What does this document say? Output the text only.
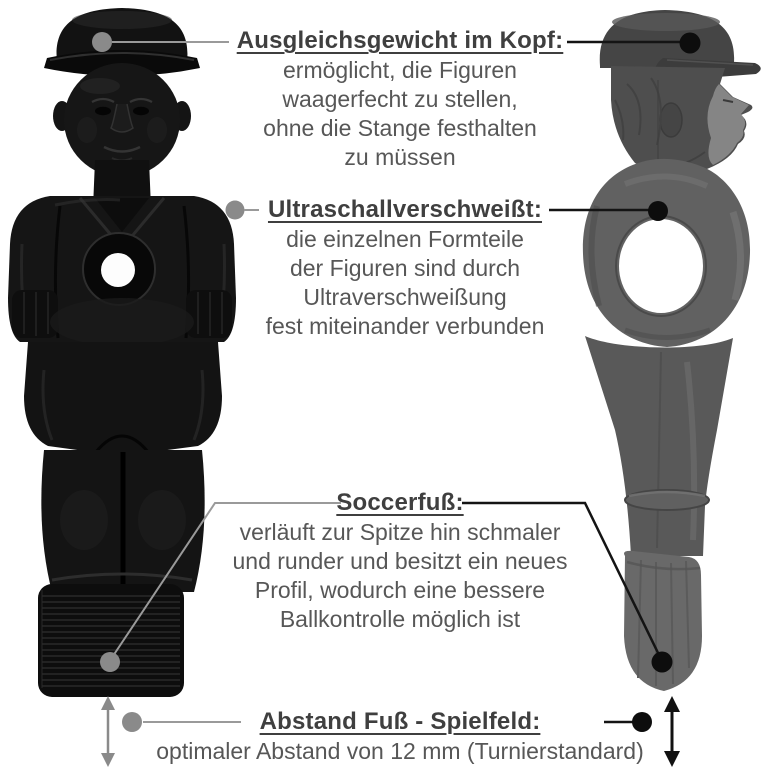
Ausgleichsgewicht im Kopf:
ermöglicht, die Figuren
waagerfecht zu stellen,
ohne die Stange festhalten
zu müssen
Ultraschallverschweißt:
die einzelnen Formteile
der Figuren sind durch
Ultraverschweißung
fest miteinander verbunden
Soccerfuß:
verläuft zur Spitze hin schmaler
und runder und besitzt ein neues
Profil, wodurch eine bessere
Ballkontrolle möglich ist
Abstand Fuß - Spielfeld:
optimaler Abstand von 12 mm (Turnierstandard)
